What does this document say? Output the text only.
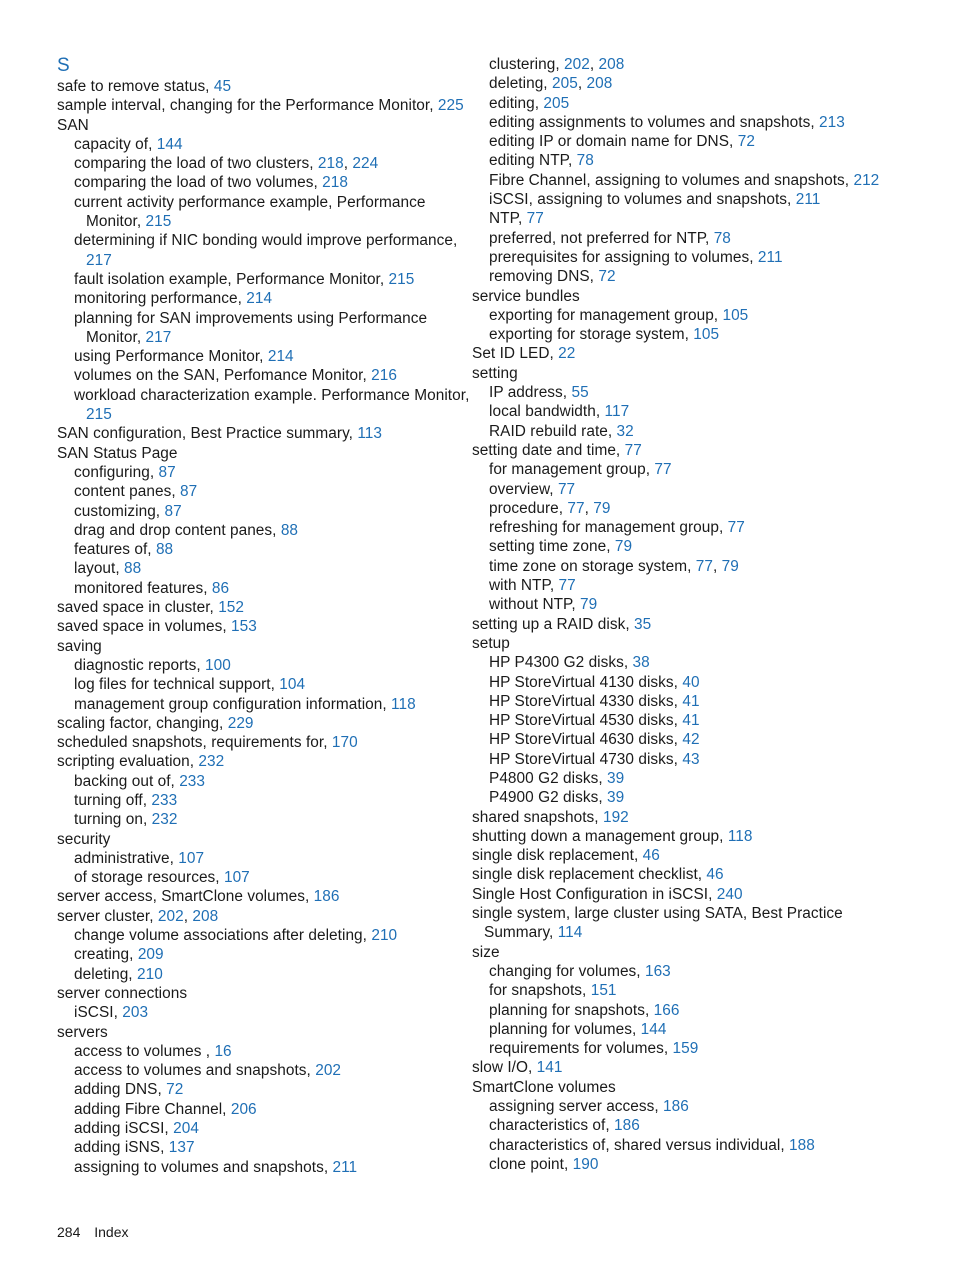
S
safe to remove status, 45
sample interval, changing for the Performance Monitor, 225
SAN
capacity of, 144
comparing the load of two clusters, 218, 224
comparing the load of two volumes, 218
current activity performance example, Performance Monitor, 215
determining if NIC bonding would improve performance, 217
fault isolation example, Performance Monitor, 215
monitoring performance, 214
planning for SAN improvements using Performance Monitor, 217
using Performance Monitor, 214
volumes on the SAN, Perfomance Monitor, 216
workload characterization example. Performance Monitor, 215
SAN configuration, Best Practice summary, 113
SAN Status Page
configuring, 87
content panes, 87
customizing, 87
drag and drop content panes, 88
features of, 88
layout, 88
monitored features, 86
saved space in cluster, 152
saved space in volumes, 153
saving
diagnostic reports, 100
log files for technical support, 104
management group configuration information, 118
scaling factor, changing, 229
scheduled snapshots, requirements for, 170
scripting evaluation, 232
backing out of, 233
turning off, 233
turning on, 232
security
administrative, 107
of storage resources, 107
server access, SmartClone volumes, 186
server cluster, 202, 208
change volume associations after deleting, 210
creating, 209
deleting, 210
server connections
iSCSI, 203
servers
access to volumes , 16
access to volumes and snapshots, 202
adding DNS, 72
adding Fibre Channel, 206
adding iSCSI, 204
adding iSNS, 137
assigning to volumes and snapshots, 211
clustering, 202, 208
deleting, 205, 208
editing, 205
editing assignments to volumes and snapshots, 213
editing IP or domain name for DNS, 72
editing NTP, 78
Fibre Channel, assigning to volumes and snapshots, 212
iSCSI, assigning to volumes and snapshots, 211
NTP, 77
preferred, not preferred for NTP, 78
prerequisites for assigning to volumes, 211
removing DNS, 72
service bundles
exporting for management group, 105
exporting for storage system, 105
Set ID LED, 22
setting
IP address, 55
local bandwidth, 117
RAID rebuild rate, 32
setting date and time, 77
for management group, 77
overview, 77
procedure, 77, 79
refreshing for management group, 77
setting time zone, 79
time zone on storage system, 77, 79
with NTP, 77
without NTP, 79
setting up a RAID disk, 35
setup
HP P4300 G2 disks, 38
HP StoreVirtual 4130 disks, 40
HP StoreVirtual 4330 disks, 41
HP StoreVirtual 4530 disks, 41
HP StoreVirtual 4630 disks, 42
HP StoreVirtual 4730 disks, 43
P4800 G2 disks, 39
P4900 G2 disks, 39
shared snapshots, 192
shutting down a management group, 118
single disk replacement, 46
single disk replacement checklist, 46
Single Host Configuration in iSCSI, 240
single system, large cluster using SATA, Best Practice Summary, 114
size
changing for volumes, 163
for snapshots, 151
planning for snapshots, 166
planning for volumes, 144
requirements for volumes, 159
slow I/O, 141
SmartClone volumes
assigning server access, 186
characteristics of, 186
characteristics of, shared versus individual, 188
clone point, 190
284 Index
